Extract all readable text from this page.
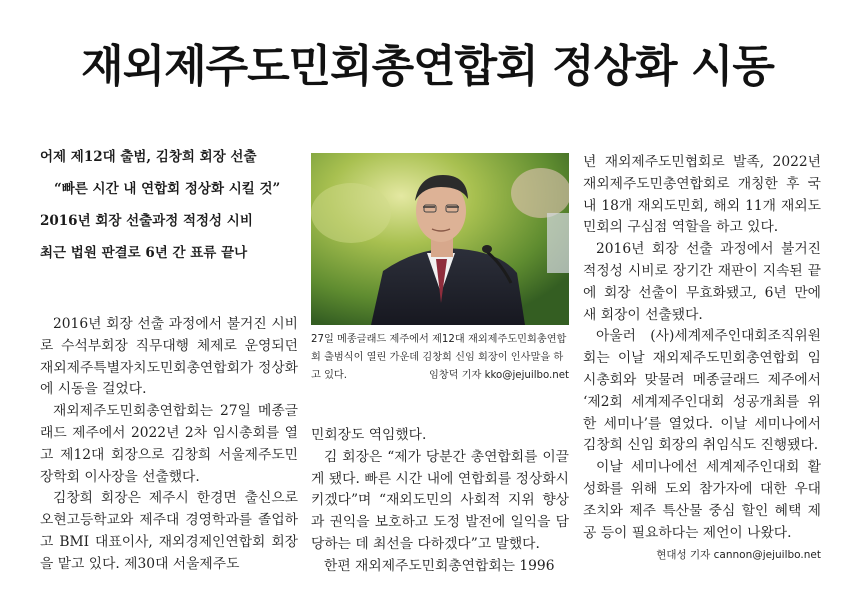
재외제주도민회총연합회 정상화 시동
어제 제12대 출범, 김창희 회장 선출
“빠른 시간 내 연합회 정상화 시킬 것”
2016년 회장 선출과정 적정성 시비
최근 법원 판결로 6년 간 표류 끝나

2016년 회장 선출 과정에서 불거진 시비로 수석부회장 직무대행 체제로 운영되던 재외제주특별자치도민회총연합회가 정상화에 시동을 걸었다.

재외제주도민회총연합회는 27일 메종글래드 제주에서 2022년 2차 임시총회를 열고 제12대 회장으로 김창희 서울제주도민장학회 이사장을 선출했다.

김창희 회장은 제주시 한경면 출신으로 오현고등학교와 제주대 경영학과를 졸업하고 BMI 대표이사, 재외경제인연합회 회장을 맡고 있다. 제30대 서울제주도

27일 메종글래드 제주에서 제12대 재외제주도민회총연합회 출범식이 열린 가운데 김창희 신임 회장이 인사말을 하고 있다.	임창덕 기자 kko@jejuilbo.net

민회장도 역임했다.

김 회장은 “제가 당분간 총연합회를 이끌게 됐다. 빠른 시간 내에 연합회를 정상화시키겠다”며 “재외도민의 사회적 지위 향상과 권익을 보호하고 도정 발전에 일익을 담당하는 데 최선을 다하겠다”고 말했다.

한편 재외제주도민회총연합회는 1996

년 재외제주도민협회로 발족, 2022년 재외제주도민총연합회로 개칭한 후 국내 18개 재외도민회, 해외 11개 재외도민회의 구심점 역할을 하고 있다.

2016년 회장 선출 과정에서 불거진 적정성 시비로 장기간 재판이 지속된 끝에 회장 선출이 무효화됐고, 6년 만에 새 회장이 선출됐다.

아울러 (사)세계제주인대회조직위원회는 이날 재외제주도민회총연합회 임시총회와 맞물려 메종글래드 제주에서 ‘제2회 세계제주인대회 성공개최를 위한 세미나’를 열었다. 이날 세미나에서 김창희 신임 회장의 취임식도 진행됐다.

이날 세미나에선 세계제주인대회 활성화를 위해 도외 참가자에 대한 우대 조치와 제주 특산물 중심 할인 혜택 제공 등이 필요하다는 제언이 나왔다.

현대성 기자 cannon@jejuilbo.net
